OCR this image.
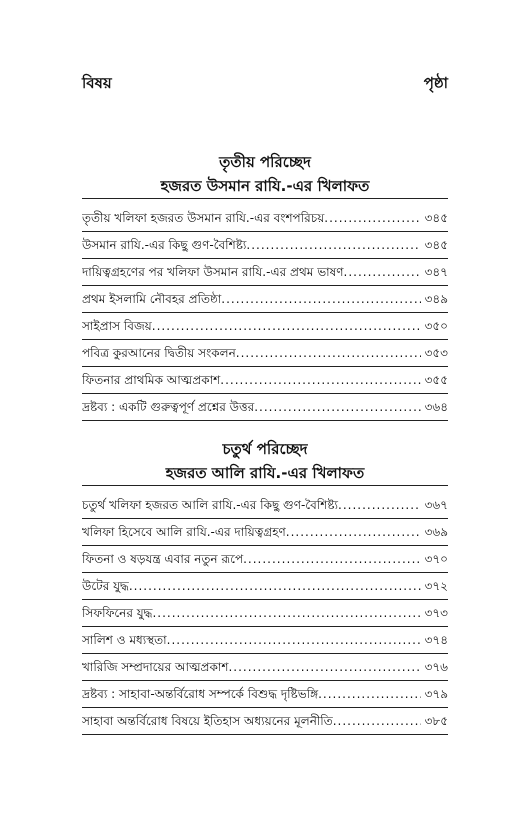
বিষয়	পৃষ্ঠা
তৃতীয় পরিচ্ছেদ
হজরত উসমান রাযি.-এর খিলাফত
তৃতীয় খলিফা হজরত উসমান রাযি.-এর বংশপরিচয় .....	৩৪৫
উসমান রাযি.-এর কিছু গুণ-বৈশিষ্ট্য .....	৩৪৫
দায়িত্বগ্রহণের পর খলিফা উসমান রাযি.-এর প্রথম ভাষণ .....	৩৪৭
প্রথম ইসলামি নৌবহর প্রতিষ্ঠা .....	৩৪৯
সাইপ্রাস বিজয় .....	৩৫০
পবিত্র কুরআনের দ্বিতীয় সংকলন .....	৩৫৩
ফিতনার প্রাথমিক আত্মপ্রকাশ .....	৩৫৫
দ্রষ্টব্য : একটি গুরুত্বপূর্ণ প্রশ্নের উত্তর .....	৩৬৪
চতুর্থ পরিচ্ছেদ
হজরত আলি রাযি.-এর খিলাফত
চতুর্থ খলিফা হজরত আলি রাযি.-এর কিছু গুণ-বৈশিষ্ট্য .....	৩৬৭
খলিফা হিসেবে আলি রাযি.-এর দায়িত্বগ্রহণ .....	৩৬৯
ফিতনা ও ষড়যন্ত্র এবার নতুন রূপে .....	৩৭০
উটের যুদ্ধ .....	৩৭২
সিফফিনের যুদ্ধ .....	৩৭৩
সালিশ ও মধ্যস্থতা .....	৩৭৪
খারিজি সম্প্রদায়ের আত্মপ্রকাশ .....	৩৭৬
দ্রষ্টব্য : সাহাবা-অন্তর্বিরোধ সম্পর্কে বিশুদ্ধ দৃষ্টিভঙ্গি .....	৩৭৯
সাহাবা অন্তর্বিরোধ বিষয়ে ইতিহাস অধ্যয়নের মূলনীতি .....	৩৮৫
